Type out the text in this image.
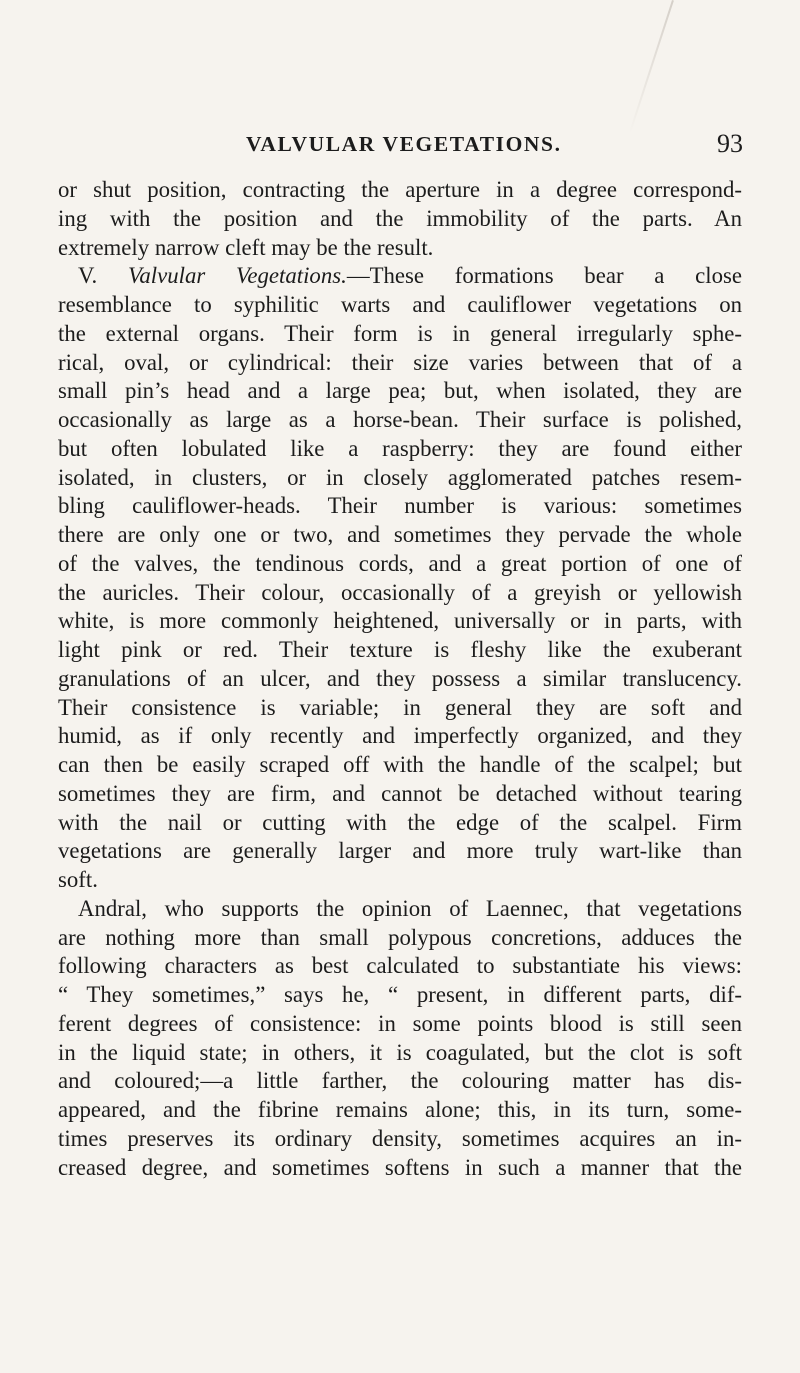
VALVULAR VEGETATIONS.	93
or shut position, contracting the aperture in a degree correspond-
ing with the position and the immobility of the parts. An
extremely narrow cleft may be the result.
V. Valvular Vegetations.—These formations bear a close
resemblance to syphilitic warts and cauliflower vegetations on
the external organs. Their form is in general irregularly sphe-
rical, oval, or cylindrical: their size varies between that of a
small pin’s head and a large pea; but, when isolated, they are
occasionally as large as a horse-bean. Their surface is polished,
but often lobulated like a raspberry: they are found either
isolated, in clusters, or in closely agglomerated patches resem-
bling cauliflower-heads. Their number is various: sometimes
there are only one or two, and sometimes they pervade the whole
of the valves, the tendinous cords, and a great portion of one of
the auricles. Their colour, occasionally of a greyish or yellowish
white, is more commonly heightened, universally or in parts, with
light pink or red. Their texture is fleshy like the exuberant
granulations of an ulcer, and they possess a similar translucency.
Their consistence is variable; in general they are soft and
humid, as if only recently and imperfectly organized, and they
can then be easily scraped off with the handle of the scalpel; but
sometimes they are firm, and cannot be detached without tearing
with the nail or cutting with the edge of the scalpel. Firm
vegetations are generally larger and more truly wart-like than
soft.
Andral, who supports the opinion of Laennec, that vegetations
are nothing more than small polypous concretions, adduces the
following characters as best calculated to substantiate his views:
“ They sometimes,” says he, “ present, in different parts, dif-
ferent degrees of consistence: in some points blood is still seen
in the liquid state; in others, it is coagulated, but the clot is soft
and coloured;—a little farther, the colouring matter has dis-
appeared, and the fibrine remains alone; this, in its turn, some-
times preserves its ordinary density, sometimes acquires an in-
creased degree, and sometimes softens in such a manner that the
